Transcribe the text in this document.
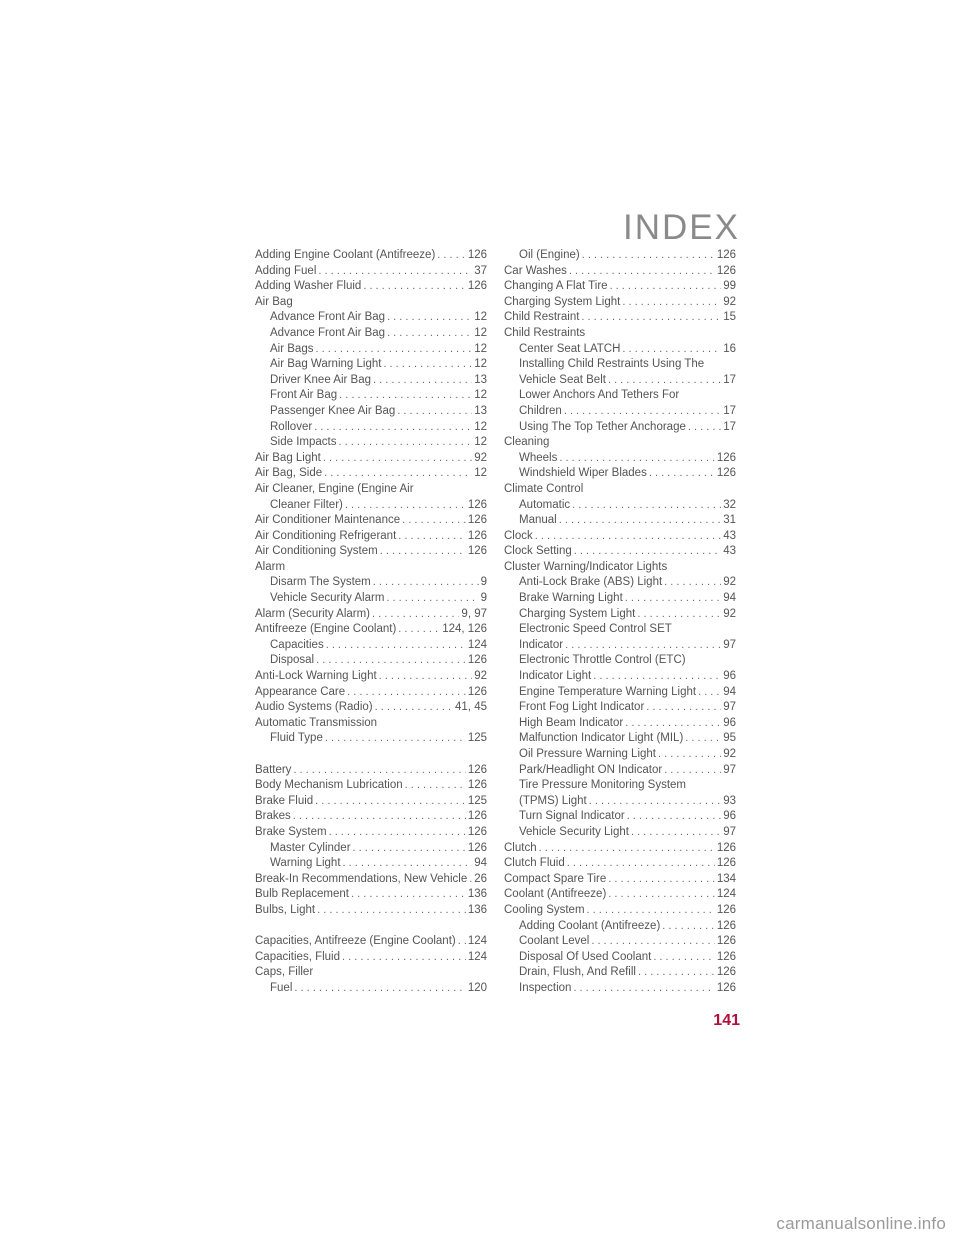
INDEX
Adding Engine Coolant (Antifreeze) . . .	126
Adding Fuel . . .	37
Adding Washer Fluid . . .	126
Air Bag
Advance Front Air Bag . . .	12
Advance Front Air Bag . . .	12
Air Bags . . .	12
Air Bag Warning Light . . .	12
Driver Knee Air Bag . . .	13
Front Air Bag . . .	12
Passenger Knee Air Bag . . .	13
Rollover . . .	12
Side Impacts . . .	12
Air Bag Light . . .	92
Air Bag, Side . . .	12
Air Cleaner, Engine (Engine Air
Cleaner Filter) . . .	126
Air Conditioner Maintenance . . .	126
Air Conditioning Refrigerant . . .	126
Air Conditioning System . . .	126
Alarm
Disarm The System . . .	9
Vehicle Security Alarm . . .	9
Alarm (Security Alarm) . . .	9, 97
Antifreeze (Engine Coolant) . . .	124, 126
Capacities . . .	124
Disposal . . .	126
Anti-Lock Warning Light . . .	92
Appearance Care . . .	126
Audio Systems (Radio) . . .	41, 45
Automatic Transmission
Fluid Type . . .	125
Battery . . .	126
Body Mechanism Lubrication . . .	126
Brake Fluid . . .	125
Brakes . . .	126
Brake System . . .	126
Master Cylinder . . .	126
Warning Light . . .	94
Break-In Recommendations, New Vehicle . . . 26
Bulb Replacement . . .	136
Bulbs, Light . . .	136
Capacities, Antifreeze (Engine Coolant) . . . 124
Capacities, Fluid . . .	124
Caps, Filler
Fuel . . .	120
Oil (Engine) . . .	126
Car Washes . . .	126
Changing A Flat Tire . . .	99
Charging System Light . . .	92
Child Restraint . . .	15
Child Restraints
Center Seat LATCH . . .	16
Installing Child Restraints Using The
Vehicle Seat Belt . . .	17
Lower Anchors And Tethers For
Children . . .	17
Using The Top Tether Anchorage . . .	17
Cleaning
Wheels . . .	126
Windshield Wiper Blades . . .	126
Climate Control
Automatic . . .	32
Manual . . .	31
Clock . . .	43
Clock Setting . . .	43
Cluster Warning/Indicator Lights
Anti-Lock Brake (ABS) Light . . .	92
Brake Warning Light . . .	94
Charging System Light . . .	92
Electronic Speed Control SET
Indicator . . .	97
Electronic Throttle Control (ETC)
Indicator Light . . .	96
Engine Temperature Warning Light . . . 94
Front Fog Light Indicator . . .	97
High Beam Indicator . . .	96
Malfunction Indicator Light (MIL) . . .	95
Oil Pressure Warning Light . . .	92
Park/Headlight ON Indicator . . .	97
Tire Pressure Monitoring System
(TPMS) Light . . .	93
Turn Signal Indicator . . .	96
Vehicle Security Light . . .	97
Clutch . . .	126
Clutch Fluid . . .	126
Compact Spare Tire . . .	134
Coolant (Antifreeze) . . .	124
Cooling System . . .	126
Adding Coolant (Antifreeze) . . .	126
Coolant Level . . .	126
Disposal Of Used Coolant . . .	126
Drain, Flush, And Refill . . .	126
Inspection . . .	126
141
carmanualsonline.info
